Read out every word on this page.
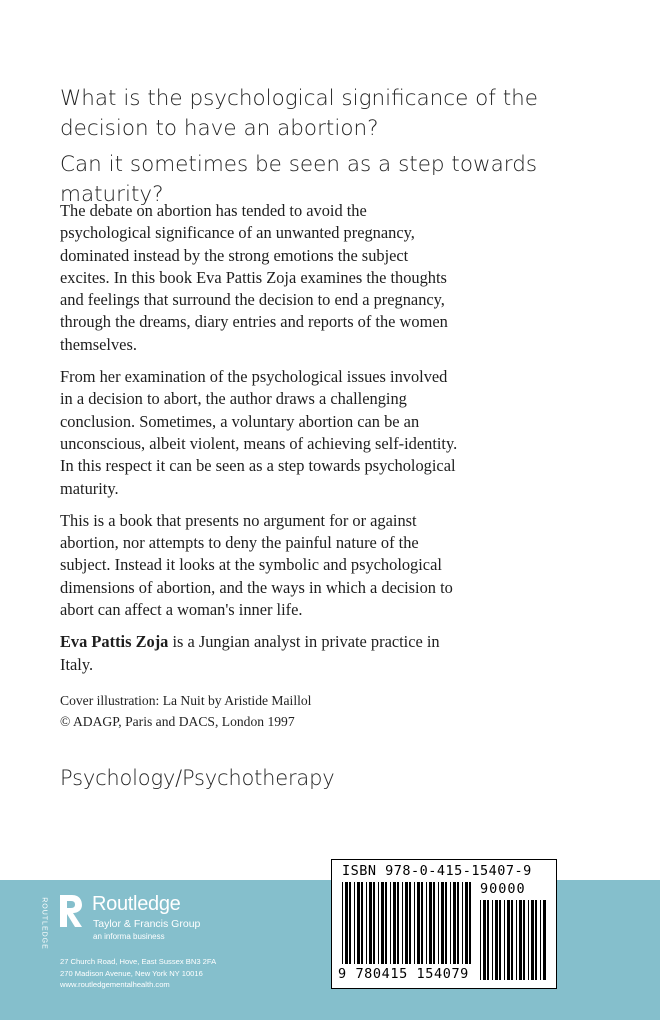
What is the psychological significance of the decision to have an abortion?
Can it sometimes be seen as a step towards maturity?

The debate on abortion has tended to avoid the psychological significance of an unwanted pregnancy, dominated instead by the strong emotions the subject excites. In this book Eva Pattis Zoja examines the thoughts and feelings that surround the decision to end a pregnancy, through the dreams, diary entries and reports of the women themselves.

From her examination of the psychological issues involved in a decision to abort, the author draws a challenging conclusion. Sometimes, a voluntary abortion can be an unconscious, albeit violent, means of achieving self-identity. In this respect it can be seen as a step towards psychological maturity.

This is a book that presents no argument for or against abortion, nor attempts to deny the painful nature of the subject. Instead it looks at the symbolic and psychological dimensions of abortion, and the ways in which a decision to abort can affect a woman's inner life.

Eva Pattis Zoja is a Jungian analyst in private practice in Italy.

Cover illustration: La Nuit by Aristide Maillol
© ADAGP, Paris and DACS, London 1997
Psychology/Psychotherapy
ROUTLEDGE Routledge
Taylor & Francis Group
an informa business
27 Church Road, Hove, East Sussex BN3 2FA
270 Madison Avenue, New York NY 10016
www.routledgementalhealth.com
ISBN 978-0-415-15407-9
90000
9 780415 154079
